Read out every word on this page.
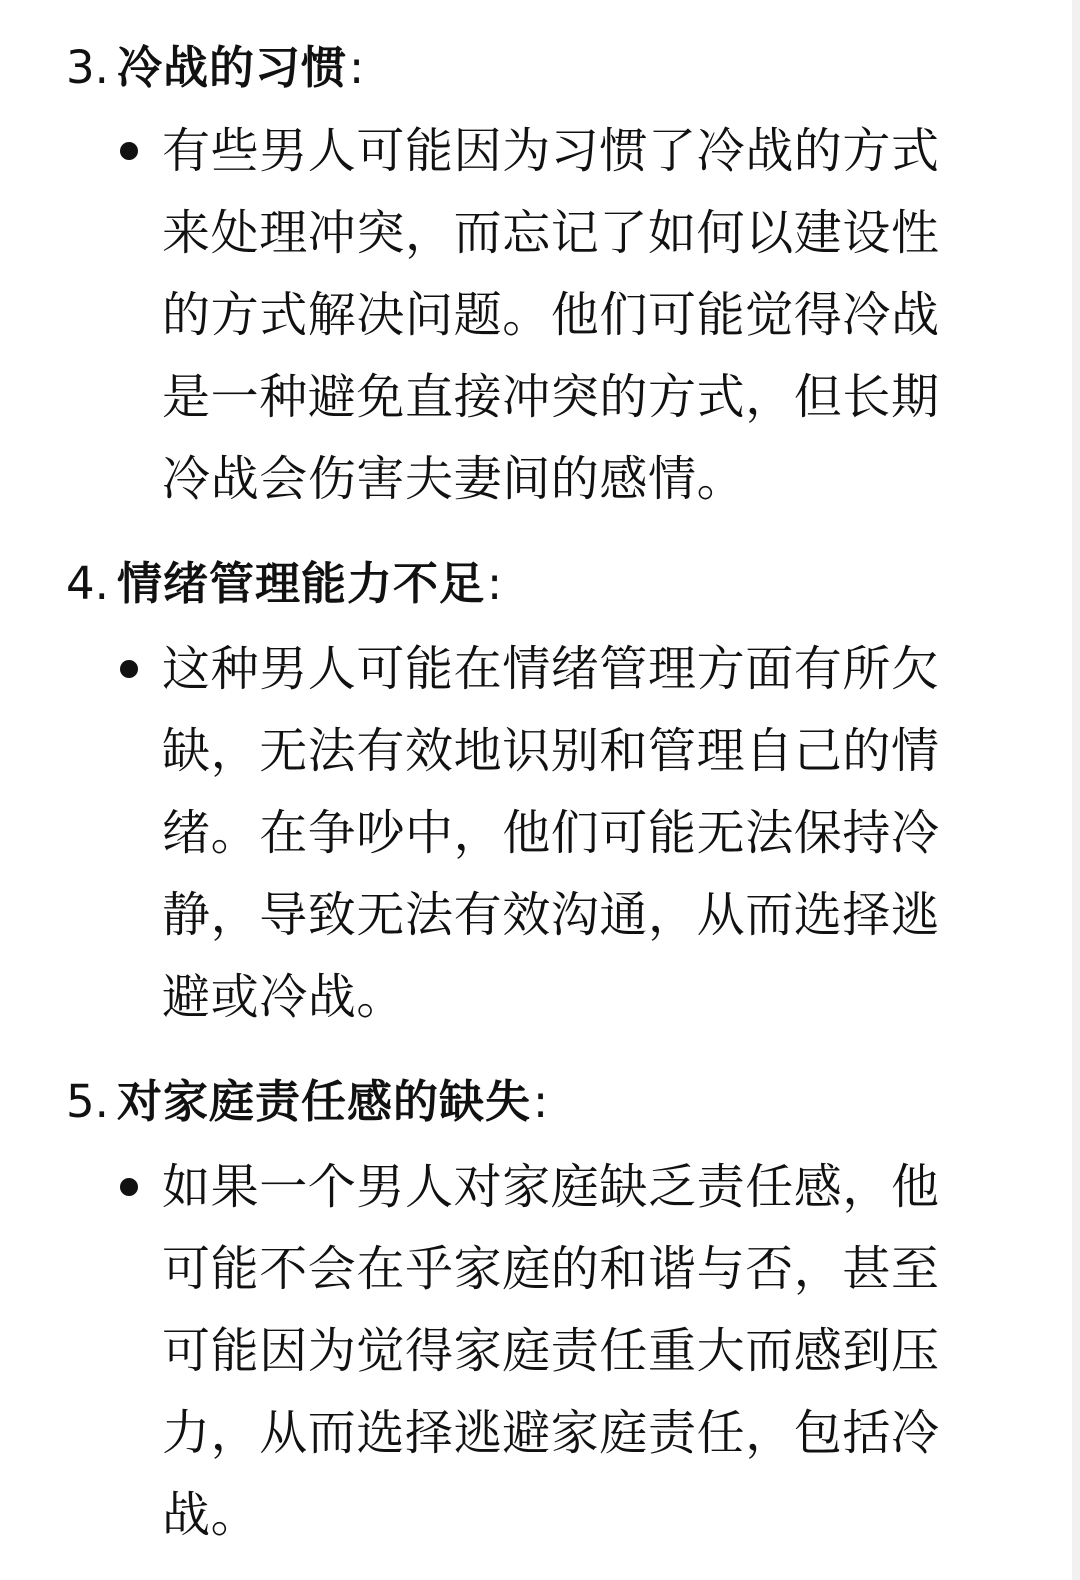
3. 冷战的习惯 :
有些男人可能因为习惯了冷战的方式
来处理冲突，而忘记了如何以建设性
的方式解决问题。他们可能觉得冷战
是一种避免直接冲突的方式，但长期
冷战会伤害夫妻间的感情。
4. 情绪管理能力不足 :
这种男人可能在情绪管理方面有所欠
缺，无法有效地识别和管理自己的情
绪。在争吵中，他们可能无法保持冷
静，导致无法有效沟通，从而选择逃
避或冷战。
5. 对家庭责任感的缺失 :
如果一个男人对家庭缺乏责任感，他
可能不会在乎家庭的和谐与否，甚至
可能因为觉得家庭责任重大而感到压
力，从而选择逃避家庭责任，包括冷
战。
